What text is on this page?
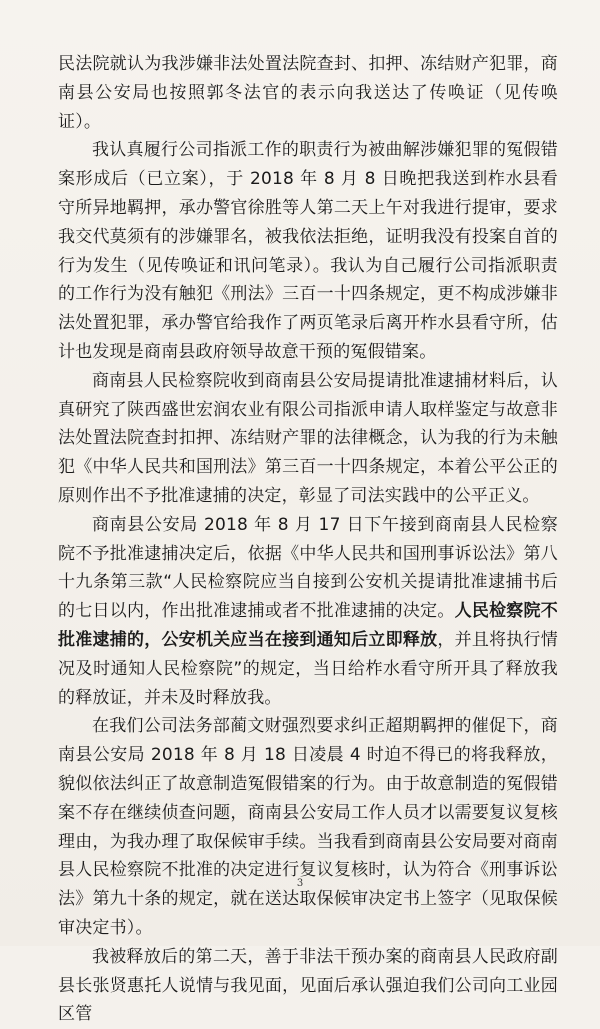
民法院就认为我涉嫌非法处置法院查封、扣押、冻结财产犯罪，商南县公安局也按照郭冬法官的表示向我送达了传唤证（见传唤证）。

我认真履行公司指派工作的职责行为被曲解涉嫌犯罪的冤假错案形成后（已立案），于 2018 年 8 月 8 日晚把我送到柞水县看守所异地羁押，承办警官徐胜等人第二天上午对我进行提审，要求我交代莫须有的涉嫌罪名，被我依法拒绝，证明我没有投案自首的行为发生（见传唤证和讯问笔录）。我认为自己履行公司指派职责的工作行为没有触犯《刑法》三百一十四条规定，更不构成涉嫌非法处置犯罪，承办警官给我作了两页笔录后离开柞水县看守所，估计也发现是商南县政府领导故意干预的冤假错案。

商南县人民检察院收到商南县公安局提请批准逮捕材料后，认真研究了陕西盛世宏润农业有限公司指派申请人取样鉴定与故意非法处置法院查封扣押、冻结财产罪的法律概念，认为我的行为未触犯《中华人民共和国刑法》第三百一十四条规定，本着公平公正的原则作出不予批准逮捕的决定，彰显了司法实践中的公平正义。

商南县公安局 2018 年 8 月 17 日下午接到商南县人民检察院不予批准逮捕决定后，依据《中华人民共和国刑事诉讼法》第八十九条第三款“人民检察院应当自接到公安机关提请批准逮捕书后的七日以内，作出批准逮捕或者不批准逮捕的决定。人民检察院不批准逮捕的，公安机关应当在接到通知后立即释放，并且将执行情况及时通知人民检察院”的规定，当日给柞水看守所开具了释放我的释放证，并未及时释放我。

在我们公司法务部蔺文财强烈要求纠正超期羁押的催促下，商南县公安局 2018 年 8 月 18 日凌晨 4 时迫不得已的将我释放，貌似依法纠正了故意制造冤假错案的行为。由于故意制造的冤假错案不存在继续侦查问题，商南县公安局工作人员才以需要复议复核理由，为我办理了取保候审手续。当我看到商南县公安局要对商南县人民检察院不批准的决定进行复议复核时，认为符合《刑事诉讼法》第九十条的规定，就在送达取保候审决定书上签字（见取保候审决定书）。

我被释放后的第二天，善于非法干预办案的商南县人民政府副县长张贤惠托人说情与我见面，见面后承认强迫我们公司向工业园区管

3
